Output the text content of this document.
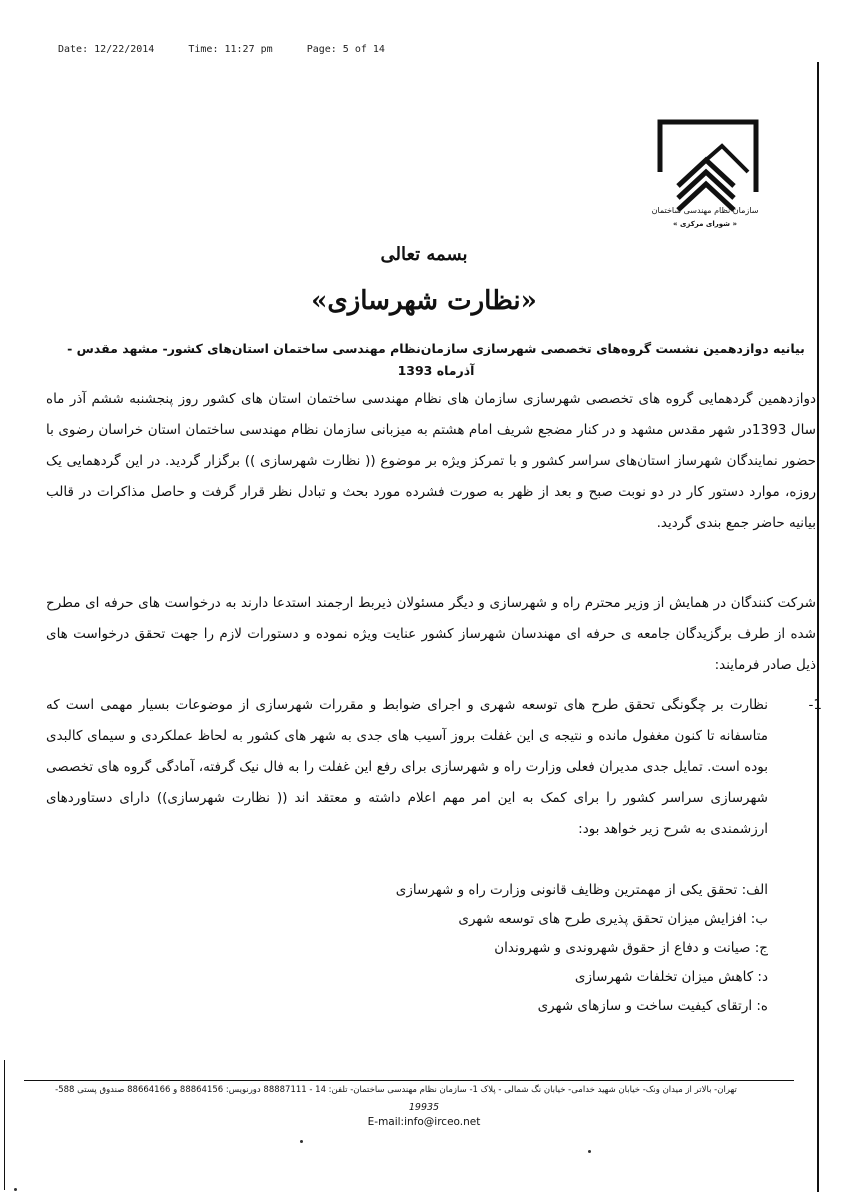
Date: 12/22/2014	Time: 11:27 pm	Page: 5 of 14
سازمان نظام مهندسی ساختمان
« شورای مرکزی »
بسمه تعالی
«نظارت شهرسازی»
بیانیه دوازدهمین نشست گروه‌های تخصصی شهرسازی سازمان‌نظام مهندسی ساختمان استان‌های کشور- مشهد مقدس -
آذرماه 1393
دوازدهمین گردهمایی گروه های تخصصی شهرسازی سازمان های نظام مهندسی ساختمان استان های کشور روز پنجشنبه ششم آذر ماه سال 1393در شهر مقدس مشهد و در کنار مضجع شریف امام هشتم به میزبانی سازمان نظام مهندسی ساختمان استان خراسان رضوی با حضور نمایندگان شهرساز استان‌های سراسر کشور و با تمرکز ویژه بر موضوع (( نظارت شهرسازی )) برگزار گردید. در این گردهمایی یک روزه، موارد دستور کار در دو نوبت صبح و بعد از ظهر به صورت فشرده مورد بحث و تبادل نظر قرار گرفت و حاصل مذاکرات در قالب بیانیه حاضر جمع بندی گردید.
شرکت کنندگان در همایش از وزیر محترم راه و شهرسازی و دیگر مسئولان ذیربط ارجمند استدعا دارند به درخواست های حرفه ای مطرح شده از طرف برگزیدگان جامعه ی حرفه ای مهندسان شهرساز کشور عنایت ویژه نموده و دستورات لازم را جهت تحقق درخواست های ذیل صادر فرمایند:
1-
نظارت بر چگونگی تحقق طرح های توسعه شهری و اجرای ضوابط و مقررات شهرسازی از موضوعات بسیار مهمی است که متاسفانه تا کنون مغفول مانده و نتیجه ی این غفلت بروز آسیب های جدی به شهر های کشور به لحاظ عملکردی و سیمای کالبدی بوده است. تمایل جدی مدیران فعلی وزارت راه و شهرسازی برای رفع این غفلت را به فال نیک گرفته، آمادگی گروه های تخصصی شهرسازی سراسر کشور را برای کمک به این امر مهم اعلام داشته و معتقد اند (( نظارت شهرسازی)) دارای دستاوردهای ارزشمندی به شرح زیر خواهد بود:
الف: تحقق یکی از مهمترین وظایف قانونی وزارت راه و شهرسازی
ب: افزایش میزان تحقق پذیری طرح های توسعه شهری
ج: صیانت و دفاع از حقوق شهروندی و شهروندان
د: کاهش میزان تخلفات شهرسازی
ه: ارتقای کیفیت ساخت و سازهای شهری
تهران- بالاتر از میدان ونک- خیابان شهید خدامی- خیابان نگ شمالی - پلاک 1- سازمان نظام مهندسی ساختمان- تلفن: 14 - 88887111 دورنویس: 88864156 و 88664166 صندوق پستی 588-
19935
E-mail:info@irceo.net
